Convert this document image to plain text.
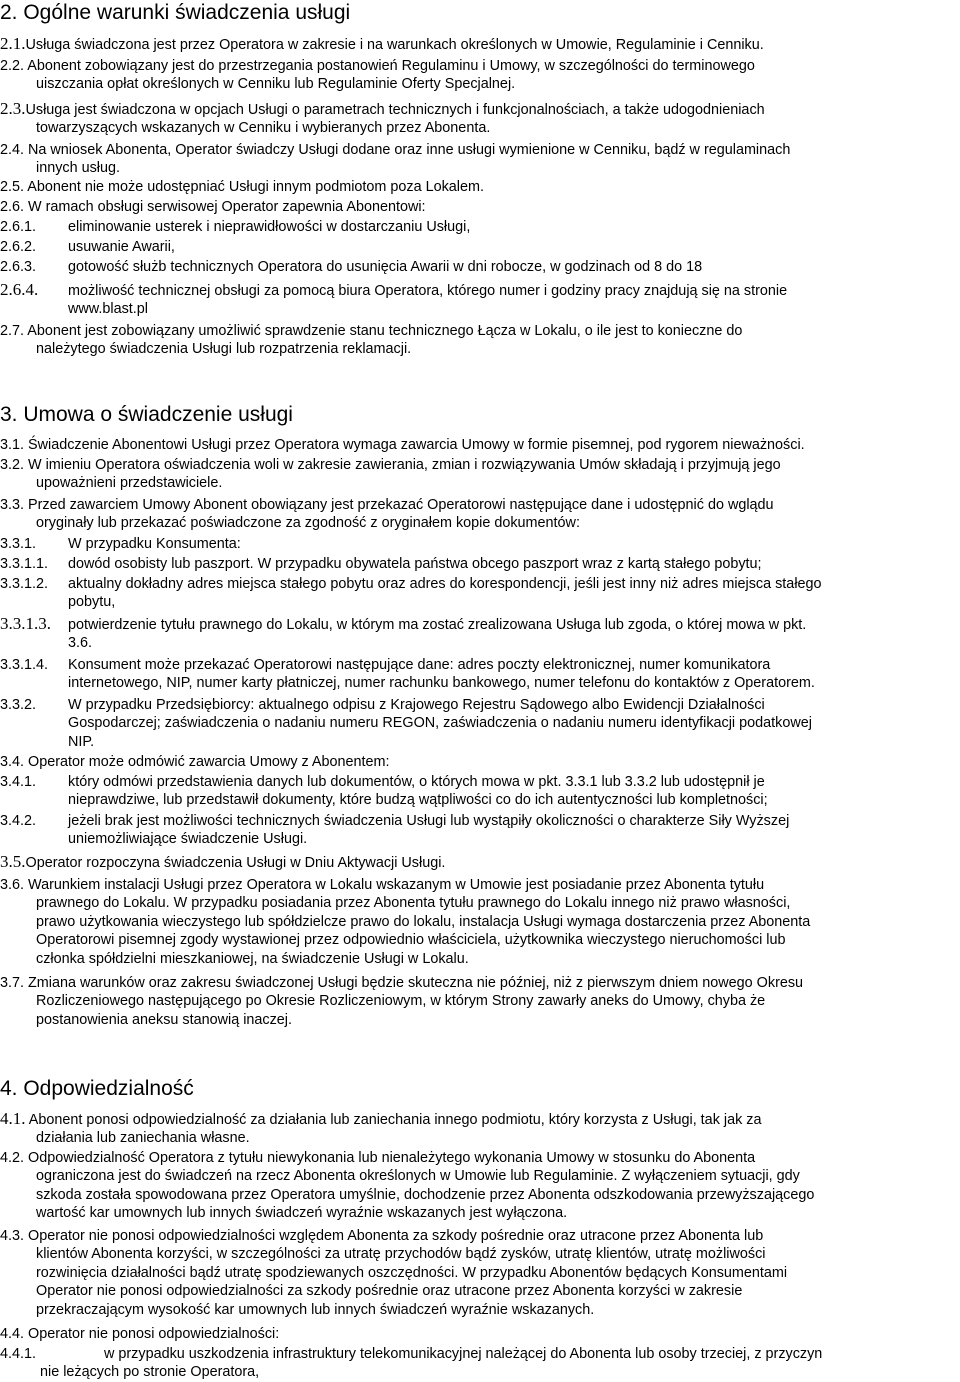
2. Ogólne warunki świadczenia usługi
2.1.Usługa świadczona jest przez Operatora w zakresie i na warunkach określonych w Umowie, Regulaminie i Cenniku.
2.2. Abonent zobowiązany jest do przestrzegania postanowień Regulaminu i Umowy, w szczególności do terminowego
uiszczania opłat określonych w Cenniku lub Regulaminie Oferty Specjalnej.
2.3.Usługa jest świadczona w opcjach Usługi o parametrach technicznych i funkcjonalnościach, a także udogodnieniach
towarzyszących wskazanych w Cenniku i wybieranych przez Abonenta.
2.4. Na wniosek Abonenta, Operator świadczy Usługi dodane oraz inne usługi wymienione w Cenniku, bądź w regulaminach
innych usług.
2.5. Abonent nie może udostępniać Usługi innym podmiotom poza Lokalem.
2.6. W ramach obsługi serwisowej Operator zapewnia Abonentowi:
2.6.1. eliminowanie usterek i nieprawidłowości w dostarczaniu Usługi,
2.6.2. usuwanie Awarii,
2.6.3. gotowość służb technicznych Operatora do usunięcia Awarii w dni robocze, w godzinach od 8 do 18
2.6.4. możliwość technicznej obsługi za pomocą biura Operatora, którego numer i godziny pracy znajdują się na stronie
www.blast.pl
2.7. Abonent jest zobowiązany umożliwić sprawdzenie stanu technicznego Łącza w Lokalu, o ile jest to konieczne do
należytego świadczenia Usługi lub rozpatrzenia reklamacji.
3. Umowa o świadczenie usługi
3.1. Świadczenie Abonentowi Usługi przez Operatora wymaga zawarcia Umowy w formie pisemnej, pod rygorem nieważności.
3.2. W imieniu Operatora oświadczenia woli w zakresie zawierania, zmian i rozwiązywania Umów składają i przyjmują jego
upoważnieni przedstawiciele.
3.3. Przed zawarciem Umowy Abonent obowiązany jest przekazać Operatorowi następujące dane i udostępnić do wglądu
oryginały lub przekazać poświadczone za zgodność z oryginałem kopie dokumentów:
3.3.1. W przypadku Konsumenta:
3.3.1.1. dowód osobisty lub paszport. W przypadku obywatela państwa obcego paszport wraz z kartą stałego pobytu;
3.3.1.2. aktualny dokładny adres miejsca stałego pobytu oraz adres do korespondencji, jeśli jest inny niż adres miejsca stałego
pobytu,
3.3.1.3. potwierdzenie tytułu prawnego do Lokalu, w którym ma zostać zrealizowana Usługa lub zgoda, o której mowa w pkt.
3.6.
3.3.1.4. Konsument może przekazać Operatorowi następujące dane: adres poczty elektronicznej, numer komunikatora
internetowego, NIP, numer karty płatniczej, numer rachunku bankowego, numer telefonu do kontaktów z Operatorem.
3.3.2. W przypadku Przedsiębiorcy: aktualnego odpisu z Krajowego Rejestru Sądowego albo Ewidencji Działalności
Gospodarczej; zaświadczenia o nadaniu numeru REGON, zaświadczenia o nadaniu numeru identyfikacji podatkowej
NIP.
3.4. Operator może odmówić zawarcia Umowy z Abonentem:
3.4.1. który odmówi przedstawienia danych lub dokumentów, o których mowa w pkt. 3.3.1 lub 3.3.2 lub udostępnił je
nieprawdziwe, lub przedstawił dokumenty, które budzą wątpliwości co do ich autentyczności lub kompletności;
3.4.2. jeżeli brak jest możliwości technicznych świadczenia Usługi lub wystąpiły okoliczności o charakterze Siły Wyższej
uniemożliwiające świadczenie Usługi.
3.5.Operator rozpoczyna świadczenia Usługi w Dniu Aktywacji Usługi.
3.6. Warunkiem instalacji Usługi przez Operatora w Lokalu wskazanym w Umowie jest posiadanie przez Abonenta tytułu
prawnego do Lokalu. W przypadku posiadania przez Abonenta tytułu prawnego do Lokalu innego niż prawo własności,
prawo użytkowania wieczystego lub spółdzielcze prawo do lokalu, instalacja Usługi wymaga dostarczenia przez Abonenta
Operatorowi pisemnej zgody wystawionej przez odpowiednio właściciela, użytkownika wieczystego nieruchomości lub
członka spółdzielni mieszkaniowej, na świadczenie Usługi w Lokalu.
3.7. Zmiana warunków oraz zakresu świadczonej Usługi będzie skuteczna nie później, niż z pierwszym dniem nowego Okresu
Rozliczeniowego następującego po Okresie Rozliczeniowym, w którym Strony zawarły aneks do Umowy, chyba że
postanowienia aneksu stanowią inaczej.
4. Odpowiedzialność
4.1. Abonent ponosi odpowiedzialność za działania lub zaniechania innego podmiotu, który korzysta z Usługi, tak jak za
działania lub zaniechania własne.
4.2. Odpowiedzialność Operatora z tytułu niewykonania lub nienależytego wykonania Umowy w stosunku do Abonenta
ograniczona jest do świadczeń na rzecz Abonenta określonych w Umowie lub Regulaminie. Z wyłączeniem sytuacji, gdy
szkoda została spowodowana przez Operatora umyślnie, dochodzenie przez Abonenta odszkodowania przewyższającego
wartość kar umownych lub innych świadczeń wyraźnie wskazanych jest wyłączona.
4.3. Operator nie ponosi odpowiedzialności względem Abonenta za szkody pośrednie oraz utracone przez Abonenta lub
klientów Abonenta korzyści, w szczególności za utratę przychodów bądź zysków, utratę klientów, utratę możliwości
rozwinięcia działalności bądź utratę spodziewanych oszczędności. W przypadku Abonentów będących Konsumentami
Operator nie ponosi odpowiedzialności za szkody pośrednie oraz utracone przez Abonenta korzyści w zakresie
przekraczającym wysokość kar umownych lub innych świadczeń wyraźnie wskazanych.
4.4. Operator nie ponosi odpowiedzialności:
4.4.1.	w przypadku uszkodzenia infrastruktury telekomunikacyjnej należącej do Abonenta lub osoby trzeciej, z przyczyn
nie leżących po stronie Operatora,
